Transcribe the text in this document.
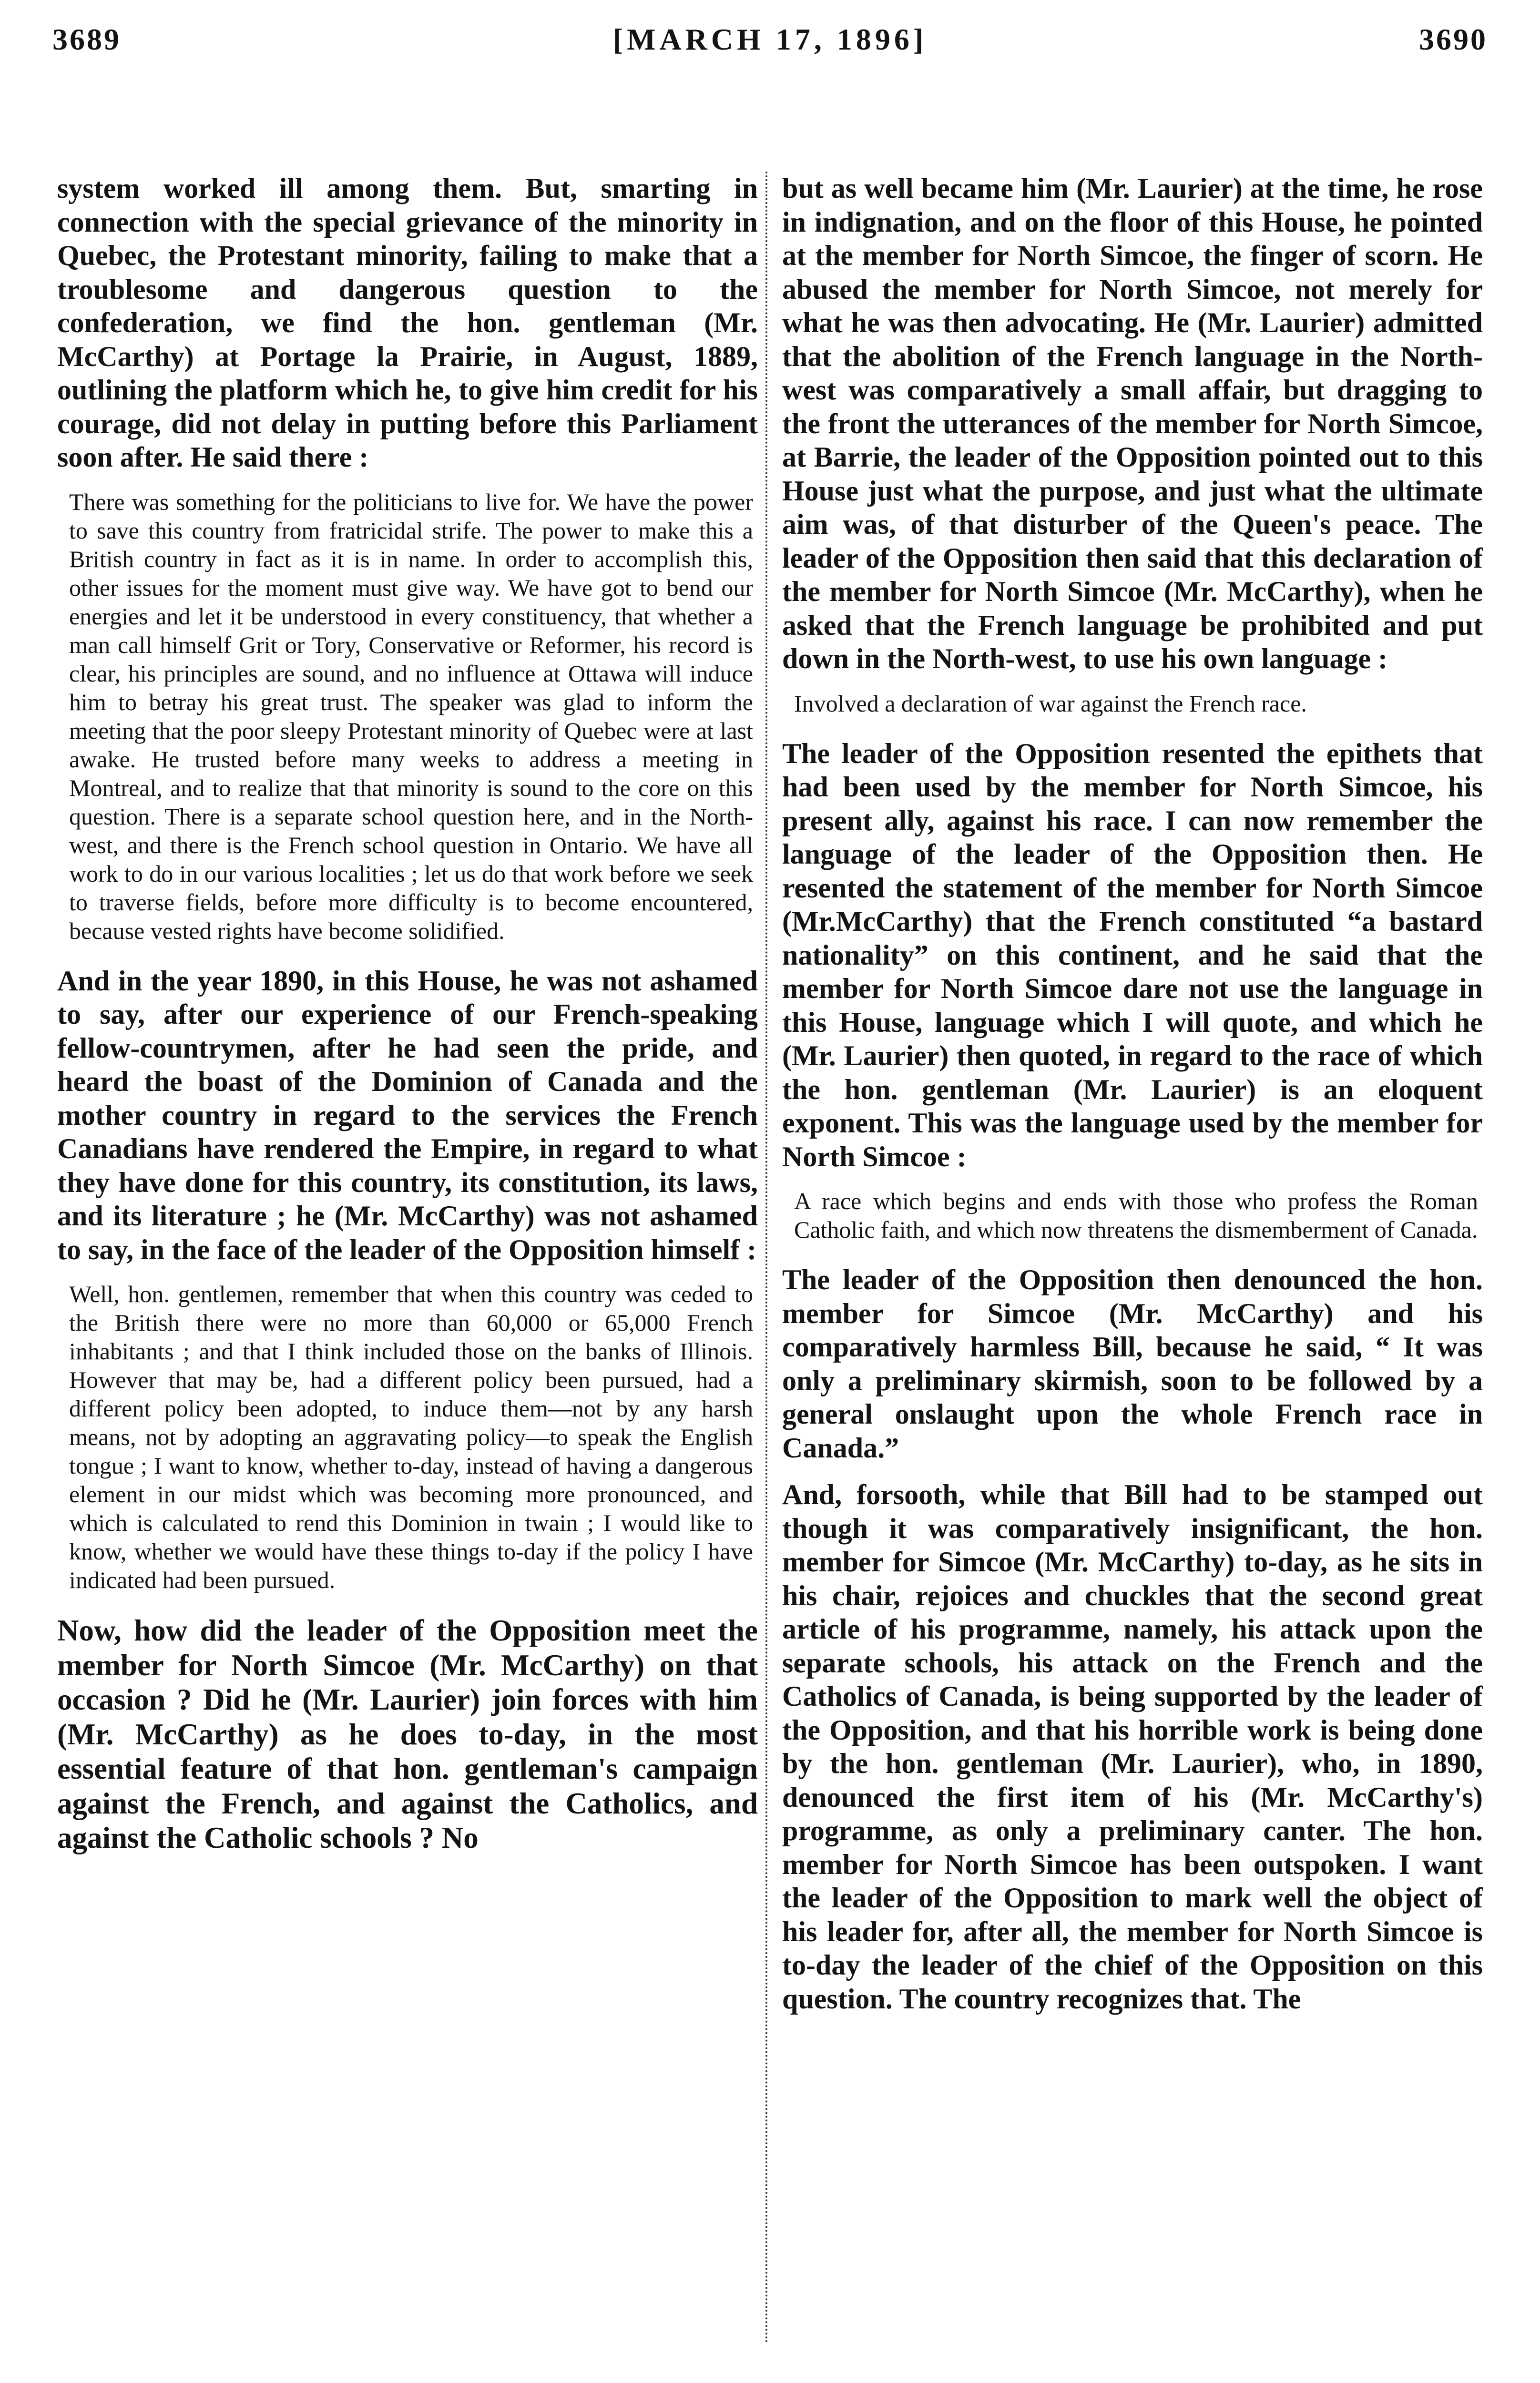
3689	[MARCH 17, 1896]	3690

system worked ill among them. But, smarting in connection with the special grievance of the minority in Quebec, the Protestant minority, failing to make that a troublesome and dangerous question to the confederation, we find the hon. gentleman (Mr. McCarthy) at Portage la Prairie, in August, 1889, outlining the platform which he, to give him credit for his courage, did not delay in putting before this Parliament soon after. He said there :

There was something for the politicians to live for. We have the power to save this country from fratricidal strife. The power to make this a British country in fact as it is in name. In order to accomplish this, other issues for the moment must give way. We have got to bend our energies and let it be understood in every constituency, that whether a man call himself Grit or Tory, Conservative or Reformer, his record is clear, his principles are sound, and no influence at Ottawa will induce him to betray his great trust. The speaker was glad to inform the meeting that the poor sleepy Protestant minority of Quebec were at last awake. He trusted before many weeks to address a meeting in Montreal, and to realize that that minority is sound to the core on this question. There is a separate school question here, and in the North-west, and there is the French school question in Ontario. We have all work to do in our various localities ; let us do that work before we seek to traverse fields, before more difficulty is to become encountered, because vested rights have become solidified.

And in the year 1890, in this House, he was not ashamed to say, after our experience of our French-speaking fellow-countrymen, after he had seen the pride, and heard the boast of the Dominion of Canada and the mother country in regard to the services the French Canadians have rendered the Empire, in regard to what they have done for this country, its constitution, its laws, and its literature ; he (Mr. McCarthy) was not ashamed to say, in the face of the leader of the Opposition himself :

Well, hon. gentlemen, remember that when this country was ceded to the British there were no more than 60,000 or 65,000 French inhabitants ; and that I think included those on the banks of Illinois. However that may be, had a different policy been pursued, had a different policy been adopted, to induce them—not by any harsh means, not by adopting an aggravating policy—to speak the English tongue ; I want to know, whether to-day, instead of having a dangerous element in our midst which was becoming more pronounced, and which is calculated to rend this Dominion in twain ; I would like to know, whether we would have these things to-day if the policy I have indicated had been pursued.

Now, how did the leader of the Opposition meet the member for North Simcoe (Mr. McCarthy) on that occasion ? Did he (Mr. Laurier) join forces with him (Mr. McCarthy) as he does to-day, in the most essential feature of that hon. gentleman's campaign against the French, and against the Catholics, and against the Catholic schools ? No

but as well became him (Mr. Laurier) at the time, he rose in indignation, and on the floor of this House, he pointed at the member for North Simcoe, the finger of scorn. He abused the member for North Simcoe, not merely for what he was then advocating. He (Mr. Laurier) admitted that the abolition of the French language in the North-west was comparatively a small affair, but dragging to the front the utterances of the member for North Simcoe, at Barrie, the leader of the Opposition pointed out to this House just what the purpose, and just what the ultimate aim was, of that disturber of the Queen's peace. The leader of the Opposition then said that this declaration of the member for North Simcoe (Mr. McCarthy), when he asked that the French language be prohibited and put down in the North-west, to use his own language :

Involved a declaration of war against the French race.

The leader of the Opposition resented the epithets that had been used by the member for North Simcoe, his present ally, against his race. I can now remember the language of the leader of the Opposition then. He resented the statement of the member for North Simcoe (Mr.McCarthy) that the French constituted “a bastard nationality” on this continent, and he said that the member for North Simcoe dare not use the language in this House, language which I will quote, and which he (Mr. Laurier) then quoted, in regard to the race of which the hon. gentleman (Mr. Laurier) is an eloquent exponent. This was the language used by the member for North Simcoe :

A race which begins and ends with those who profess the Roman Catholic faith, and which now threatens the dismemberment of Canada.

The leader of the Opposition then denounced the hon. member for Simcoe (Mr. McCarthy) and his comparatively harmless Bill, because he said, “ It was only a preliminary skirmish, soon to be followed by a general onslaught upon the whole French race in Canada.”

And, forsooth, while that Bill had to be stamped out though it was comparatively insignificant, the hon. member for Simcoe (Mr. McCarthy) to-day, as he sits in his chair, rejoices and chuckles that the second great article of his programme, namely, his attack upon the separate schools, his attack on the French and the Catholics of Canada, is being supported by the leader of the Opposition, and that his horrible work is being done by the hon. gentleman (Mr. Laurier), who, in 1890, denounced the first item of his (Mr. McCarthy's) programme, as only a preliminary canter. The hon. member for North Simcoe has been outspoken. I want the leader of the Opposition to mark well the object of his leader for, after all, the member for North Simcoe is to-day the leader of the chief of the Opposition on this question. The country recognizes that. The
